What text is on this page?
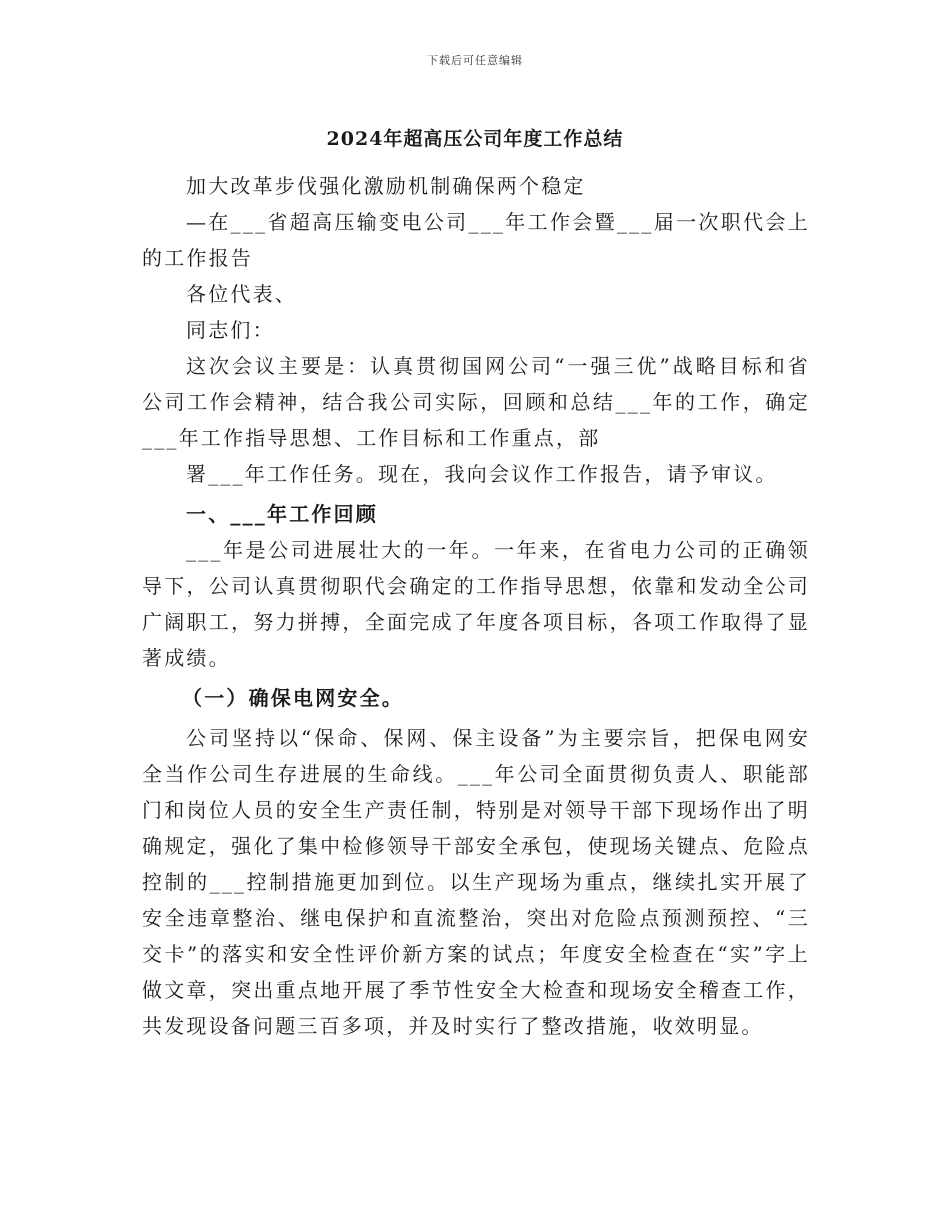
下载后可任意编辑
2024年超高压公司年度工作总结

加大改革步伐强化激励机制确保两个稳定

—在___省超高压输变电公司___年工作会暨___届一次职代会上的工作报告

各位代表、

同志们：

这次会议主要是：认真贯彻国网公司“一强三优”战略目标和省公司工作会精神，结合我公司实际，回顾和总结___年的工作，确定___年工作指导思想、工作目标和工作重点，部

署___年工作任务。现在，我向会议作工作报告，请予审议。

一、___年工作回顾

___年是公司进展壮大的一年。一年来，在省电力公司的正确领导下，公司认真贯彻职代会确定的工作指导思想，依靠和发动全公司广阔职工，努力拼搏，全面完成了年度各项目标，各项工作取得了显著成绩。

（一）确保电网安全。

公司坚持以“保命、保网、保主设备”为主要宗旨，把保电网安全当作公司生存进展的生命线。___年公司全面贯彻负责人、职能部门和岗位人员的安全生产责任制，特别是对领导干部下现场作出了明确规定，强化了集中检修领导干部安全承包，使现场关键点、危险点控制的___控制措施更加到位。以生产现场为重点，继续扎实开展了安全违章整治、继电保护和直流整治，突出对危险点预测预控、“三交卡”的落实和安全性评价新方案的试点；年度安全检查在“实”字上做文章，突出重点地开展了季节性安全大检查和现场安全稽查工作，共发现设备问题三百多项，并及时实行了整改措施，收效明显。
